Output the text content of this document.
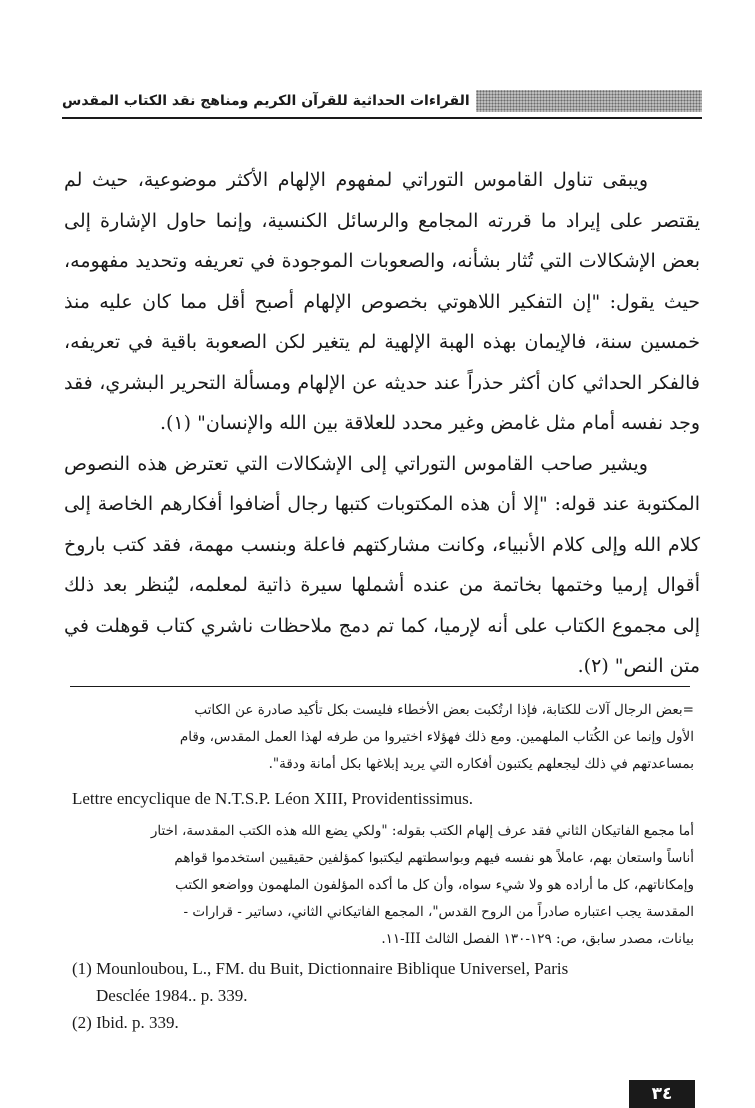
القراءات الحداثية للقرآن الكريم ومناهج نقد الكتاب المقدس

ويبقى تناول القاموس التوراتي لمفهوم الإلهام الأكثر موضوعية، حيث لم يقتصر على إيراد ما قررته المجامع والرسائل الكنسية، وإنما حاول الإشارة إلى بعض الإشكالات التي تُثار بشأنه، والصعوبات الموجودة في تعريفه وتحديد مفهومه، حيث يقول: "إن التفكير اللاهوتي بخصوص الإلهام أصبح أقل مما كان عليه منذ خمسين سنة، فالإيمان بهذه الهبة الإلهية لم يتغير لكن الصعوبة باقية في تعريفه، فالفكر الحداثي كان أكثر حذراً عند حديثه عن الإلهام ومسألة التحرير البشري، فقد وجد نفسه أمام مثل غامض وغير محدد للعلاقة بين الله والإنسان" (١).

ويشير صاحب القاموس التوراتي إلى الإشكالات التي تعترض هذه النصوص المكتوبة عند قوله: "إلا أن هذه المكتوبات كتبها رجال أضافوا أفكارهم الخاصة إلى كلام الله وإلى كلام الأنبياء، وكانت مشاركتهم فاعلة وبنسب مهمة، فقد كتب باروخ أقوال إرميا وختمها بخاتمة من عنده أشملها سيرة ذاتية لمعلمه، ليُنظر بعد ذلك إلى مجموع الكتاب على أنه لإرميا، كما تم دمج ملاحظات ناشري كتاب قوهلت في متن النص" (٢).

=بعض الرجال آلات للكتابة، فإذا ارتُكبت بعض الأخطاء فليست بكل تأكيد صادرة عن الكاتب

الأول وإنما عن الكُتاب الملهمين. ومع ذلك فهؤلاء اختيروا من طرفه لهذا العمل المقدس، وقام

بمساعدتهم في ذلك ليجعلهم يكتبون أفكاره التي يريد إبلاغها بكل أمانة ودقة".

Lettre encyclique de N.T.S.P. Léon XIII, Providentissimus.

أما مجمع الفاتيكان الثاني فقد عرف إلهام الكتب بقوله: "ولكي يضع الله هذه الكتب المقدسة، اختار

أناساً واستعان بهم، عاملاً هو نفسه فيهم وبواسطتهم ليكتبوا كمؤلفين حقيقيين استخدموا قواهم

وإمكاناتهم، كل ما أراده هو ولا شيء سواه، وأن كل ما أكده المؤلفون الملهمون وواضعو الكتب

المقدسة يجب اعتباره صادراً من الروح القدس"، المجمع الفاتيكاني الثاني، دساتير - قرارات -

بيانات، مصدر سابق، ص: ١٢٩-١٣٠ الفصل الثالث III-١١.

(1) Mounloubou, L., FM. du Buit, Dictionnaire Biblique Universel, Paris

Desclée 1984.. p. 339.

(2) Ibid. p. 339.

٣٤
